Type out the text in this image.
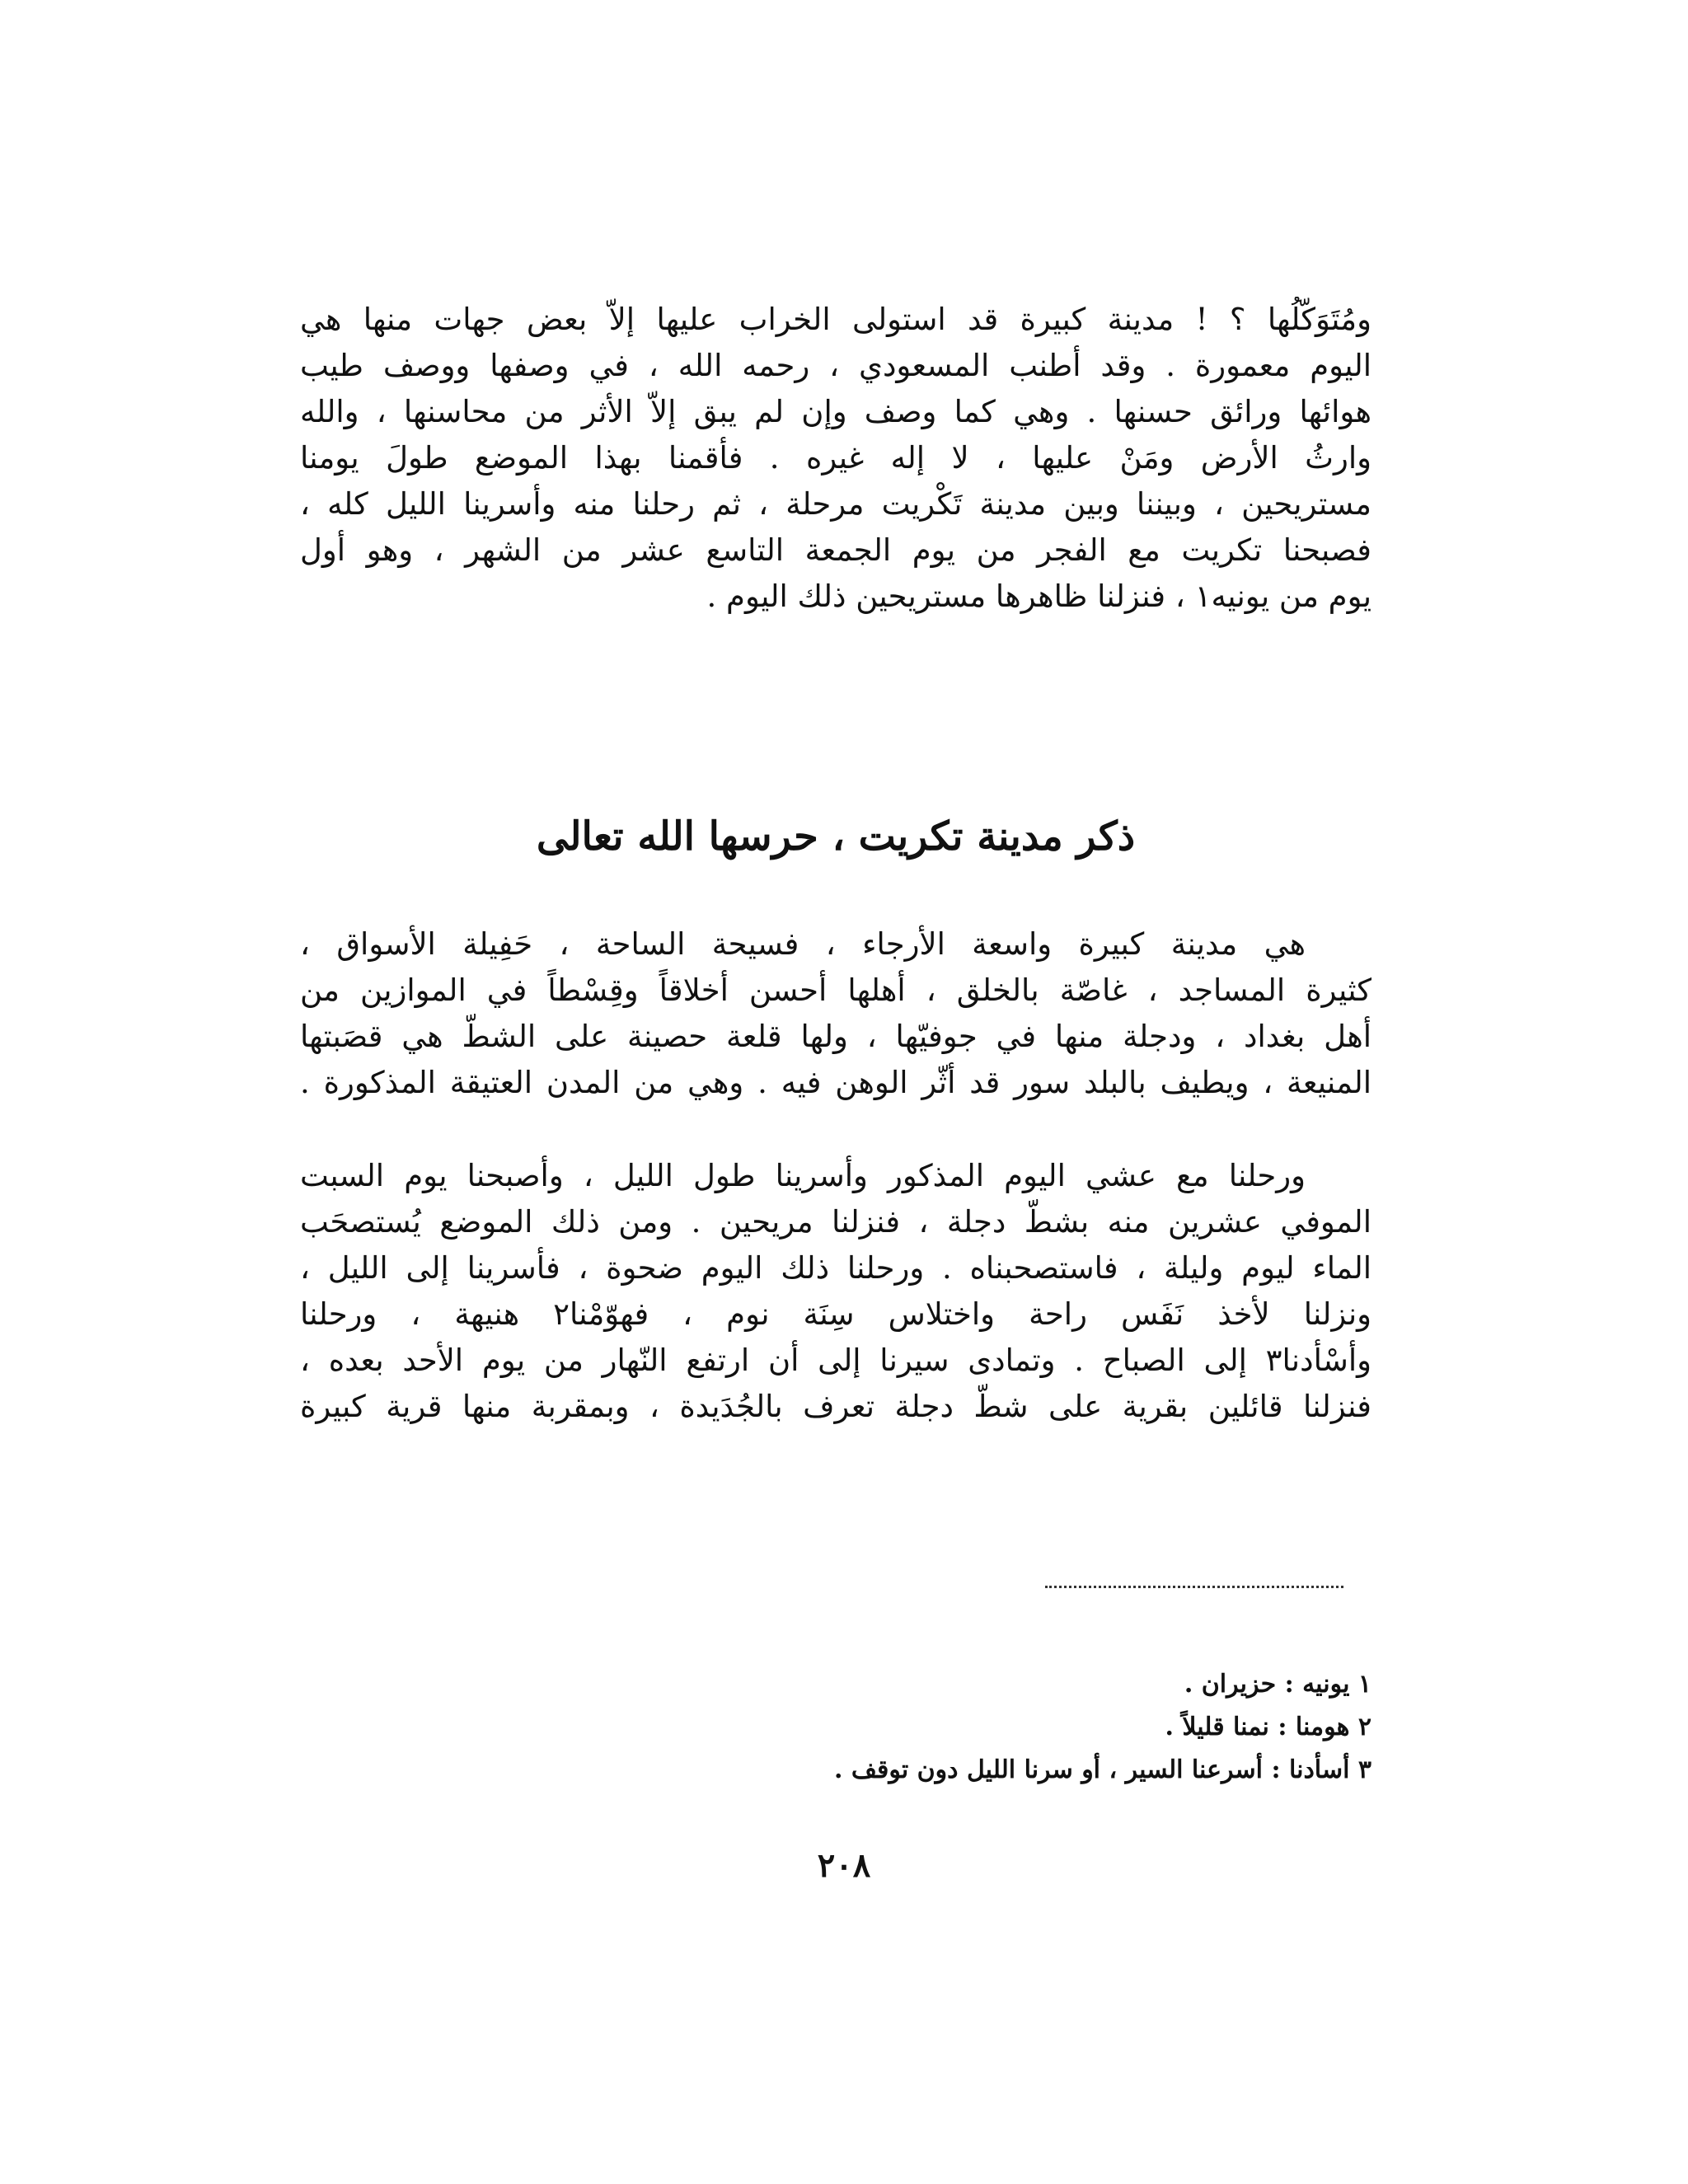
ومُتَوَكّلُها ؟ ! مدينة كبيرة قد استولى الخراب عليها إلاّ بعض جهات منها هي
اليوم معمورة . وقد أطنب المسعودي ، رحمه الله ، في وصفها ووصف طيب
هوائها ورائق حسنها . وهي كما وصف وإن لم يبق إلاّ الأثر من محاسنها ، والله
وارثُ الأرض ومَنْ عليها ، لا إله غيره . فأقمنا بهذا الموضع طولَ يومنا
مستريحين ، وبيننا وبين مدينة تَكْريت مرحلة ، ثم رحلنا منه وأسرينا الليل كله ،
فصبحنا تكريت مع الفجر من يوم الجمعة التاسع عشر من الشهر ، وهو أول
يوم من يونيه١ ، فنزلنا ظاهرها مستريحين ذلك اليوم .
ذكر مدينة تكريت ، حرسها الله تعالى
هي مدينة كبيرة واسعة الأرجاء ، فسيحة الساحة ، حَفِيلة الأسواق ،
كثيرة المساجد ، غاصّة بالخلق ، أهلها أحسن أخلاقاً وقِسْطاً في الموازين من
أهل بغداد ، ودجلة منها في جوفيّها ، ولها قلعة حصينة على الشطّ هي قصَبتها
المنيعة ، ويطيف بالبلد سور قد أثّر الوهن فيه . وهي من المدن العتيقة المذكورة .
ورحلنا مع عشي اليوم المذكور وأسرينا طول الليل ، وأصبحنا يوم السبت
الموفي عشرين منه بشطّ دجلة ، فنزلنا مريحين . ومن ذلك الموضع يُستصحَب
الماء ليوم وليلة ، فاستصحبناه . ورحلنا ذلك اليوم ضحوة ، فأسرينا إلى الليل ،
ونزلنا لأخذ نَفَس راحة واختلاس سِنَة نوم ، فهوّمْنا٢ هنيهة ، ورحلنا
وأسْأدنا٣ إلى الصباح . وتمادى سيرنا إلى أن ارتفع النّهار من يوم الأحد بعده ،
فنزلنا قائلين بقرية على شطّ دجلة تعرف بالجُدَيدة ، وبمقربة منها قرية كبيرة
١ يونيه : حزيران .
٢ هومنا : نمنا قليلاً .
٣ أسأدنا : أسرعنا السير ، أو سرنا الليل دون توقف .
٢٠٨
